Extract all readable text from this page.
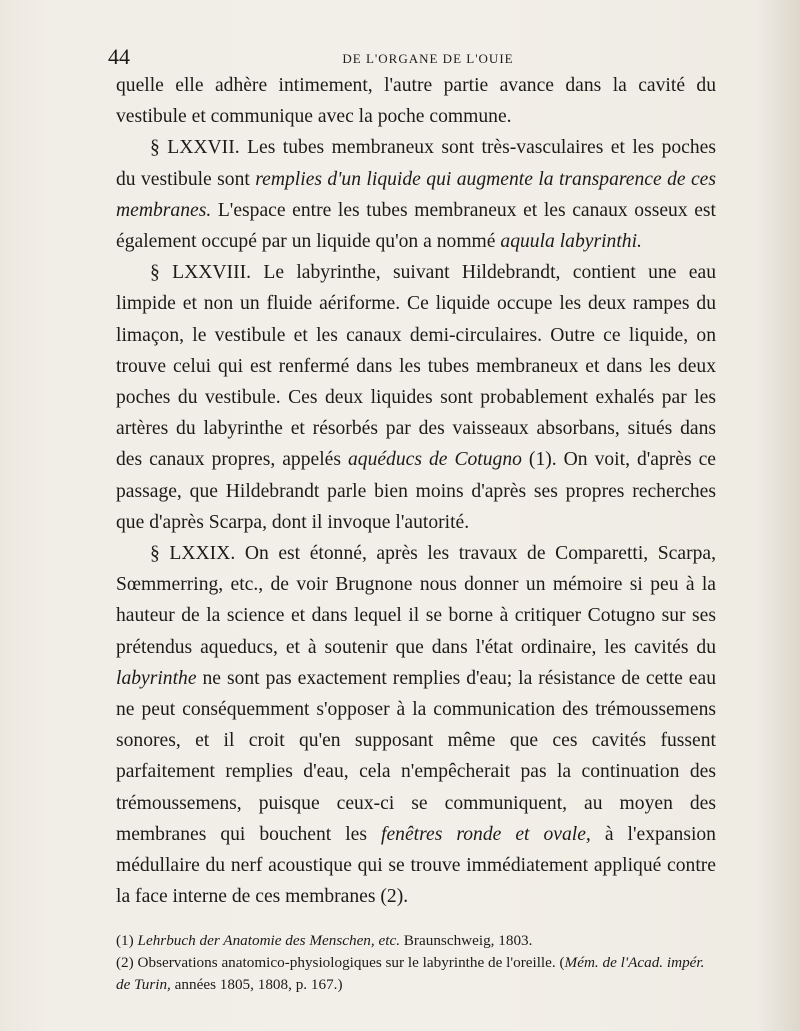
44	DE L'ORGANE DE L'OUIE

quelle elle adhère intimement, l'autre partie avance dans la cavité du vestibule et communique avec la poche commune.

§ LXXVII. Les tubes membraneux sont très-vasculaires et les poches du vestibule sont remplies d'un liquide qui augmente la transparence de ces membranes. L'espace entre les tubes membraneux et les canaux osseux est également occupé par un liquide qu'on a nommé aquula labyrinthi.

§ LXXVIII. Le labyrinthe, suivant Hildebrandt, contient une eau limpide et non un fluide aériforme. Ce liquide occupe les deux rampes du limaçon, le vestibule et les canaux demi-circulaires. Outre ce liquide, on trouve celui qui est renfermé dans les tubes membraneux et dans les deux poches du vestibule. Ces deux liquides sont probablement exhalés par les artères du labyrinthe et résorbés par des vaisseaux absorbans, situés dans des canaux propres, appelés aquéducs de Cotugno (1). On voit, d'après ce passage, que Hildebrandt parle bien moins d'après ses propres recherches que d'après Scarpa, dont il invoque l'autorité.

§ LXXIX. On est étonné, après les travaux de Comparetti, Scarpa, Sœmmerring, etc., de voir Brugnone nous donner un mémoire si peu à la hauteur de la science et dans lequel il se borne à critiquer Cotugno sur ses prétendus aqueducs, et à soutenir que dans l'état ordinaire, les cavités du labyrinthe ne sont pas exactement remplies d'eau; la résistance de cette eau ne peut conséquemment s'opposer à la communication des trémoussemens sonores, et il croit qu'en supposant même que ces cavités fussent parfaitement remplies d'eau, cela n'empêcherait pas la continuation des trémoussemens, puisque ceux-ci se communiquent, au moyen des membranes qui bouchent les fenêtres ronde et ovale, à l'expansion médullaire du nerf acoustique qui se trouve immédiatement appliqué contre la face interne de ces membranes (2).

(1) Lehrbuch der Anatomie des Menschen, etc. Braunschweig, 1803.

(2) Observations anatomico-physiologiques sur le labyrinthe de l'oreille. (Mém. de l'Acad. impér. de Turin, années 1805, 1808, p. 167.)
